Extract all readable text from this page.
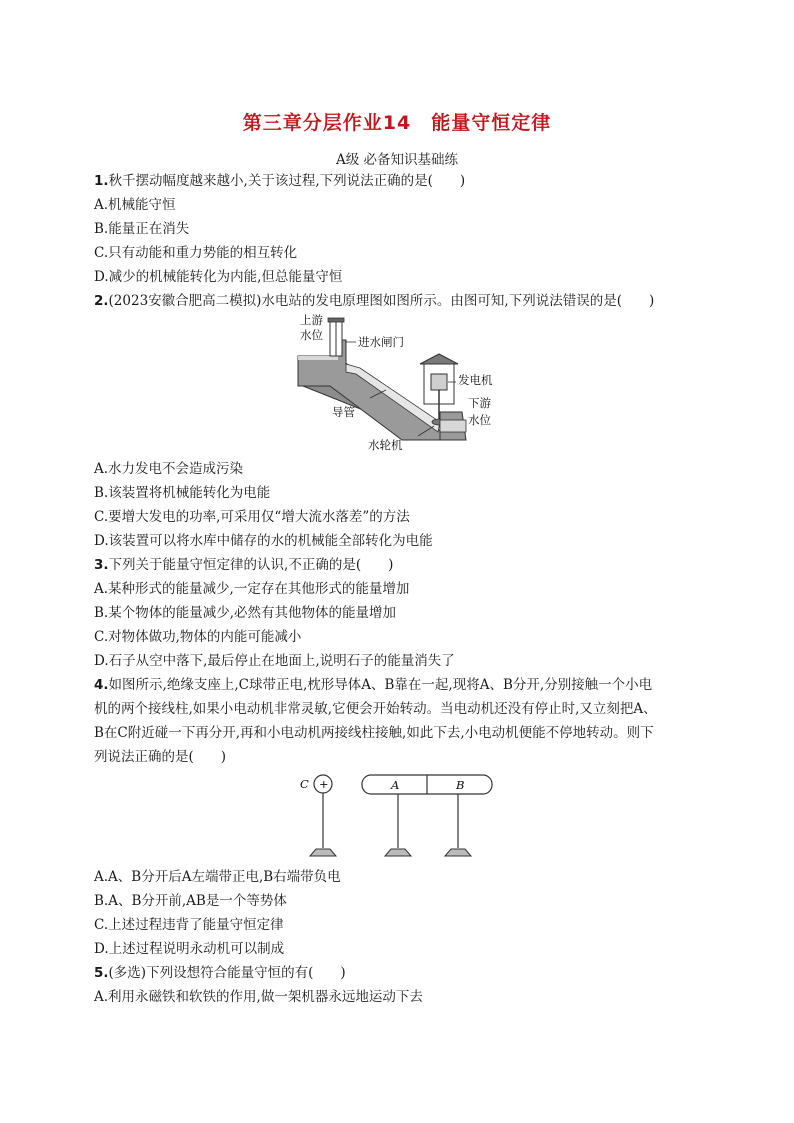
第三章分层作业14　能量守恒定律
A级 必备知识基础练
1.秋千摆动幅度越来越小,关于该过程,下列说法正确的是(　　)
A.机械能守恒
B.能量正在消失
C.只有动能和重力势能的相互转化
D.减少的机械能转化为内能,但总能量守恒
2.(2023安徽合肥高二模拟)水电站的发电原理图如图所示。由图可知,下列说法错误的是(　　)
上游
水位	进水闸门
发电机
下游
水位
导管
水轮机
A.水力发电不会造成污染
B.该装置将机械能转化为电能
C.要增大发电的功率,可采用仅“增大流水落差”的方法
D.该装置可以将水库中储存的水的机械能全部转化为电能
3.下列关于能量守恒定律的认识,不正确的是(　　)
A.某种形式的能量减少,一定存在其他形式的能量增加
B.某个物体的能量减少,必然有其他物体的能量增加
C.对物体做功,物体的内能可能减小
D.石子从空中落下,最后停止在地面上,说明石子的能量消失了
4.如图所示,绝缘支座上,C球带正电,枕形导体A、B靠在一起,现将A、B分开,分别接触一个小电
机的两个接线柱,如果小电动机非常灵敏,它便会开始转动。当电动机还没有停止时,又立刻把A、
B在C附近碰一下再分开,再和小电动机两接线柱接触,如此下去,小电动机便能不停地转动。则下
列说法正确的是(　　)
C +	A	B
A.A、B分开后A左端带正电,B右端带负电
B.A、B分开前,AB是一个等势体
C.上述过程违背了能量守恒定律
D.上述过程说明永动机可以制成
5.(多选)下列设想符合能量守恒的有(　　)
A.利用永磁铁和软铁的作用,做一架机器永远地运动下去
